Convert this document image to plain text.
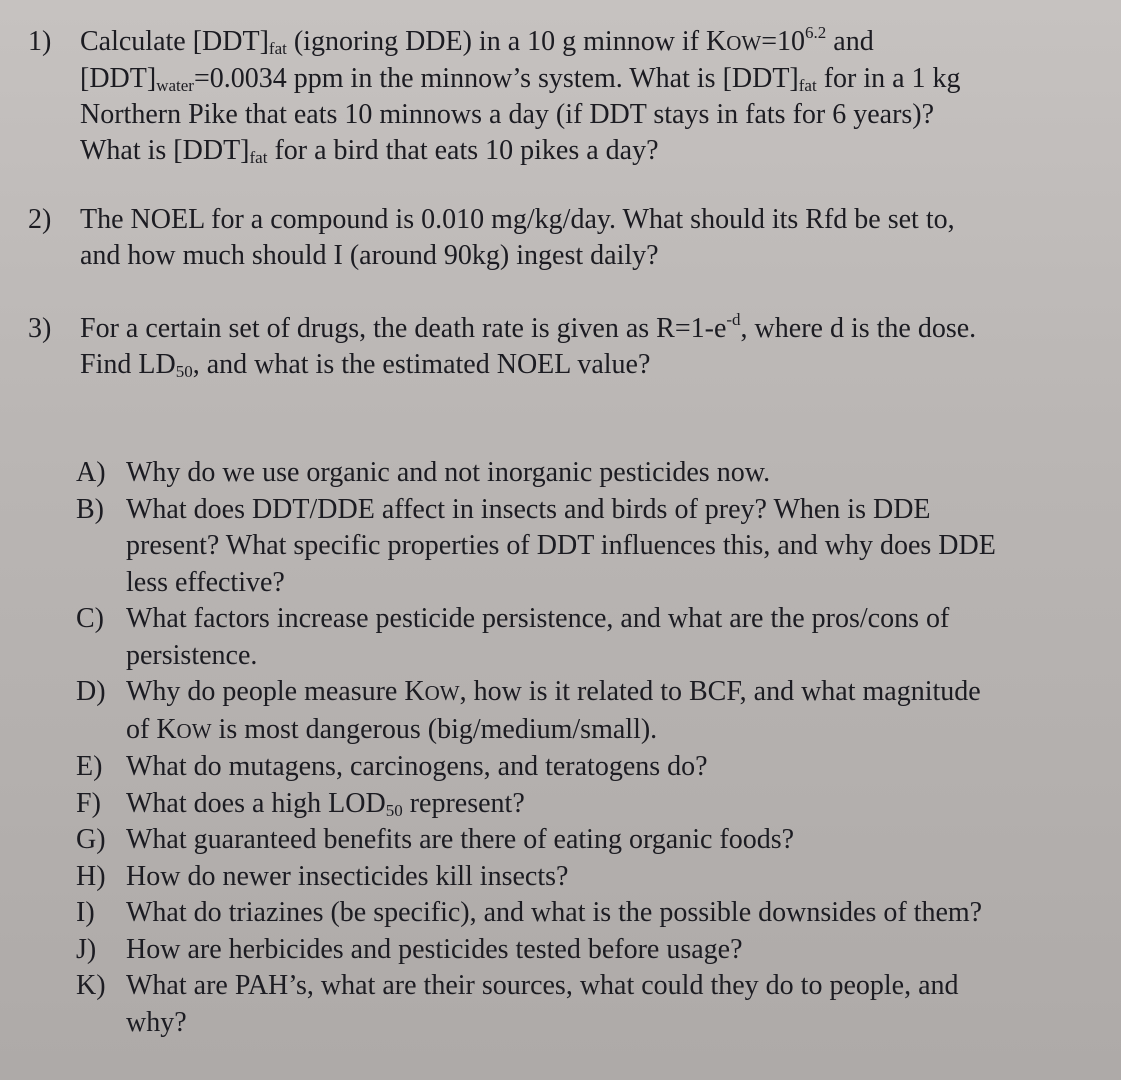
1)	Calculate $[DDT]_{fat}$ (ignoring DDE) in a 10 g minnow if $KOW=10^{6.2}$ and
$[DDT]_{water}=0.0034$ ppm in the minnow’s system. What is $[DDT]_{fat}$ for in a 1 kg
Northern Pike that eats 10 minnows a day (if DDT stays in fats for 6 years)?
What is $[DDT]_{fat}$ for a bird that eats 10 pikes a day?
2)	The NOEL for a compound is 0.010 mg/kg/day. What should its Rfd be set to,
and how much should I (around 90kg) ingest daily?
3)	For a certain set of drugs, the death rate is given as $R=1-e^{-d}$, where d is the dose.
Find $LD_{50}$, and what is the estimated NOEL value?
A) Why do we use organic and not inorganic pesticides now.
B) What does DDT/DDE affect in insects and birds of prey? When is DDE
present? What specific properties of DDT influences this, and why does DDE
less effective?
C) What factors increase pesticide persistence, and what are the pros/cons of
persistence.
D) Why do people measure KOW, how is it related to BCF, and what magnitude
of KOW is most dangerous (big/medium/small).
E) What do mutagens, carcinogens, and teratogens do?
F) What does a high $LOD_{50}$ represent?
G) What guaranteed benefits are there of eating organic foods?
H) How do newer insecticides kill insects?
I)	What do triazines (be specific), and what is the possible downsides of them?
J)	How are herbicides and pesticides tested before usage?
K) What are PAH’s, what are their sources, what could they do to people, and
why?
